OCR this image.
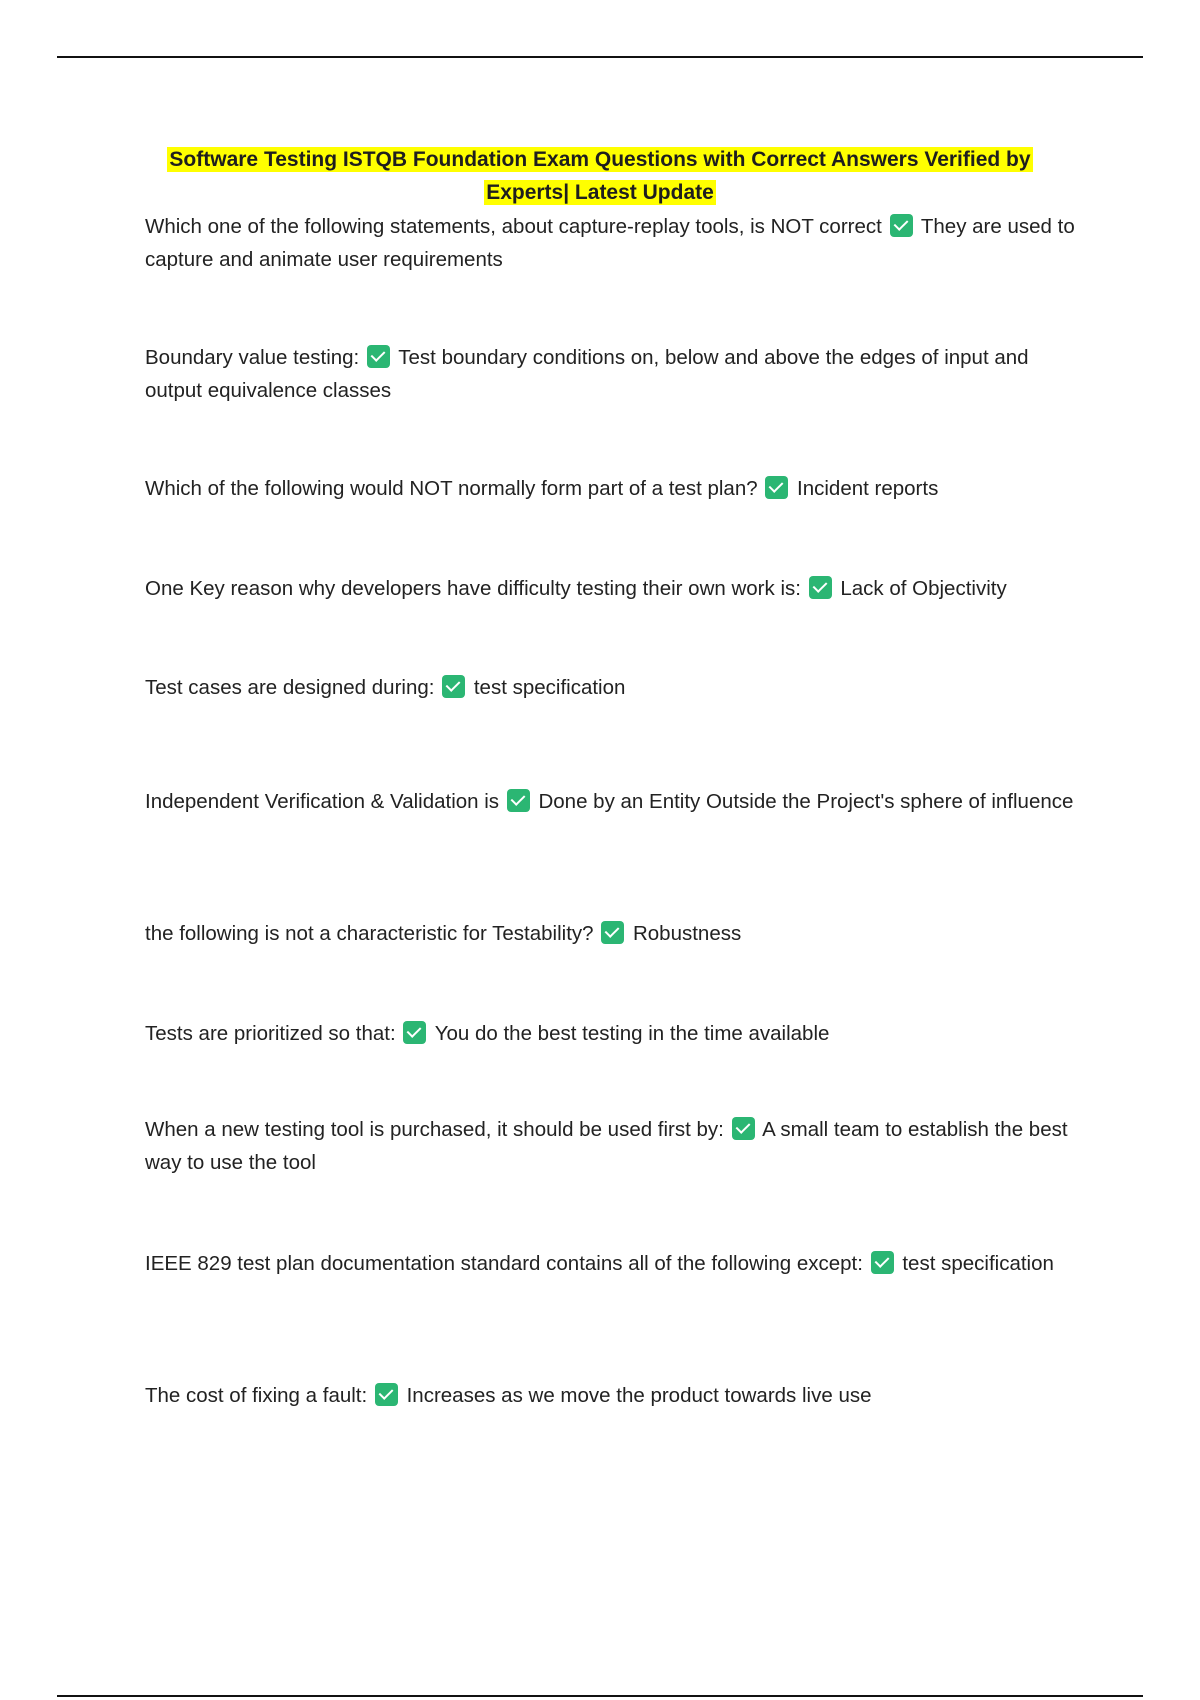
Software Testing ISTQB Foundation Exam Questions with Correct Answers Verified by
Experts| Latest Update
Which one of the following statements, about capture-replay tools, is NOT correct They are used to capture and animate user requirements
Boundary value testing: Test boundary conditions on, below and above the edges of input and output equivalence classes
Which of the following would NOT normally form part of a test plan? Incident reports
One Key reason why developers have difficulty testing their own work is: Lack of Objectivity
Test cases are designed during: test specification
Independent Verification & Validation is Done by an Entity Outside the Project's sphere of influence
the following is not a characteristic for Testability? Robustness
Tests are prioritized so that: You do the best testing in the time available
When a new testing tool is purchased, it should be used first by: A small team to establish the best way to use the tool
IEEE 829 test plan documentation standard contains all of the following except: test specification
The cost of fixing a fault: Increases as we move the product towards live use
